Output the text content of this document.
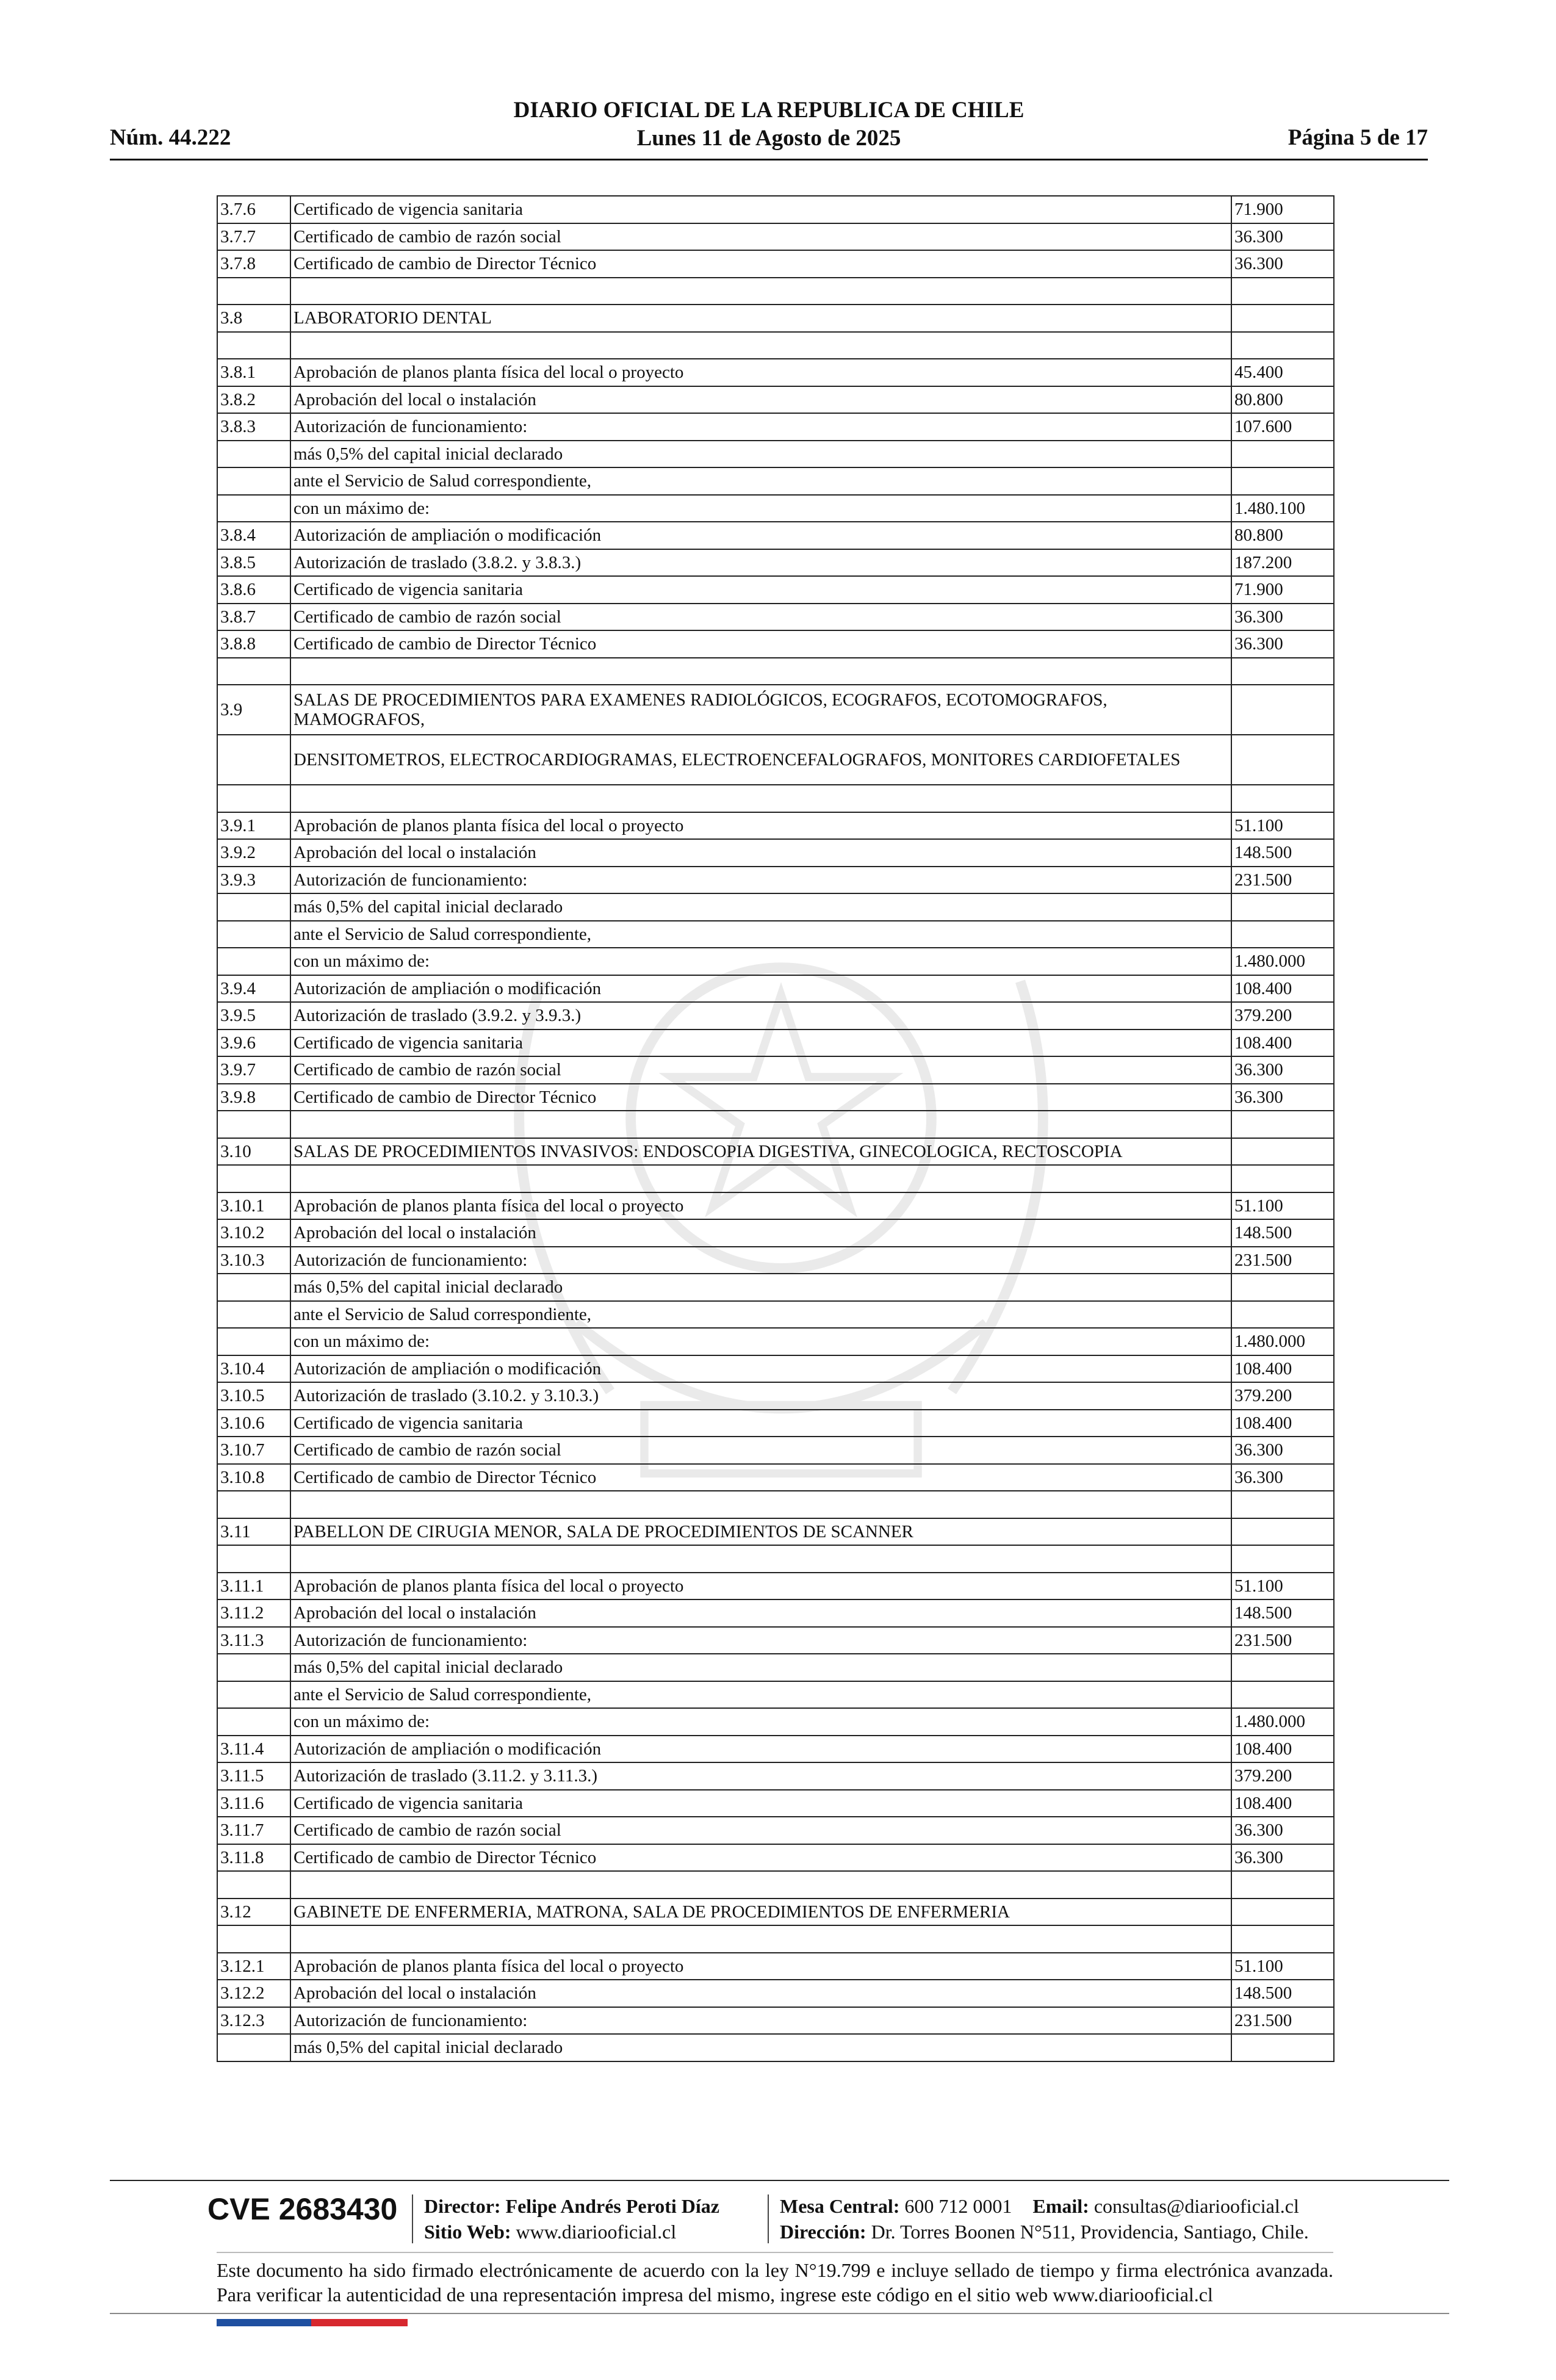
DIARIO OFICIAL DE LA REPUBLICA DE CHILE
Lunes 11 de Agosto de 2025
Núm. 44.222	Página 5 de 17
3.7.6	Certificado de vigencia sanitaria	71.900
3.7.7	Certificado de cambio de razón social	36.300
3.7.8	Certificado de cambio de Director Técnico	36.300

3.8	LABORATORIO DENTAL	

3.8.1	Aprobación de planos planta física del local o proyecto	45.400
3.8.2	Aprobación del local o instalación	80.800
3.8.3	Autorización de funcionamiento:	107.600
	más 0,5% del capital inicial declarado	
	ante el Servicio de Salud correspondiente,	
	con un máximo de:	1.480.100
3.8.4	Autorización de ampliación o modificación	80.800
3.8.5	Autorización de traslado (3.8.2. y 3.8.3.)	187.200
3.8.6	Certificado de vigencia sanitaria	71.900
3.8.7	Certificado de cambio de razón social	36.300
3.8.8	Certificado de cambio de Director Técnico	36.300

3.9	SALAS DE PROCEDIMIENTOS PARA EXAMENES RADIOLÓGICOS, ECOGRAFOS, ECOTOMOGRAFOS, MAMOGRAFOS,	
	DENSITOMETROS, ELECTROCARDIOGRAMAS, ELECTROENCEFALOGRAFOS, MONITORES CARDIOFETALES	

3.9.1	Aprobación de planos planta física del local o proyecto	51.100
3.9.2	Aprobación del local o instalación	148.500
3.9.3	Autorización de funcionamiento:	231.500
	más 0,5% del capital inicial declarado	
	ante el Servicio de Salud correspondiente,	
	con un máximo de:	1.480.000
3.9.4	Autorización de ampliación o modificación	108.400
3.9.5	Autorización de traslado (3.9.2. y 3.9.3.)	379.200
3.9.6	Certificado de vigencia sanitaria	108.400
3.9.7	Certificado de cambio de razón social	36.300
3.9.8	Certificado de cambio de Director Técnico	36.300

3.10	SALAS DE PROCEDIMIENTOS INVASIVOS: ENDOSCOPIA DIGESTIVA, GINECOLOGICA, RECTOSCOPIA	

3.10.1	Aprobación de planos planta física del local o proyecto	51.100
3.10.2	Aprobación del local o instalación	148.500
3.10.3	Autorización de funcionamiento:	231.500
	más 0,5% del capital inicial declarado	
	ante el Servicio de Salud correspondiente,	
	con un máximo de:	1.480.000
3.10.4	Autorización de ampliación o modificación	108.400
3.10.5	Autorización de traslado (3.10.2. y 3.10.3.)	379.200
3.10.6	Certificado de vigencia sanitaria	108.400
3.10.7	Certificado de cambio de razón social	36.300
3.10.8	Certificado de cambio de Director Técnico	36.300

3.11	PABELLON DE CIRUGIA MENOR, SALA DE PROCEDIMIENTOS DE SCANNER	

3.11.1	Aprobación de planos planta física del local o proyecto	51.100
3.11.2	Aprobación del local o instalación	148.500
3.11.3	Autorización de funcionamiento:	231.500
	más 0,5% del capital inicial declarado	
	ante el Servicio de Salud correspondiente,	
	con un máximo de:	1.480.000
3.11.4	Autorización de ampliación o modificación	108.400
3.11.5	Autorización de traslado (3.11.2. y 3.11.3.)	379.200
3.11.6	Certificado de vigencia sanitaria	108.400
3.11.7	Certificado de cambio de razón social	36.300
3.11.8	Certificado de cambio de Director Técnico	36.300

3.12	GABINETE DE ENFERMERIA, MATRONA, SALA DE PROCEDIMIENTOS DE ENFERMERIA	

3.12.1	Aprobación de planos planta física del local o proyecto	51.100
3.12.2	Aprobación del local o instalación	148.500
3.12.3	Autorización de funcionamiento:	231.500
	más 0,5% del capital inicial declarado	
CVE 2683430 Director: Felipe Andrés Peroti Díaz
Sitio Web: www.diariooficial.cl
Mesa Central: 600 712 0001 Email: consultas@diariooficial.cl
Dirección: Dr. Torres Boonen N°511, Providencia, Santiago, Chile.
Este documento ha sido firmado electrónicamente de acuerdo con la ley N°19.799 e incluye sellado de tiempo y firma electrónica avanzada. Para verificar la autenticidad de una representación impresa del mismo, ingrese este código en el sitio web www.diariooficial.cl
